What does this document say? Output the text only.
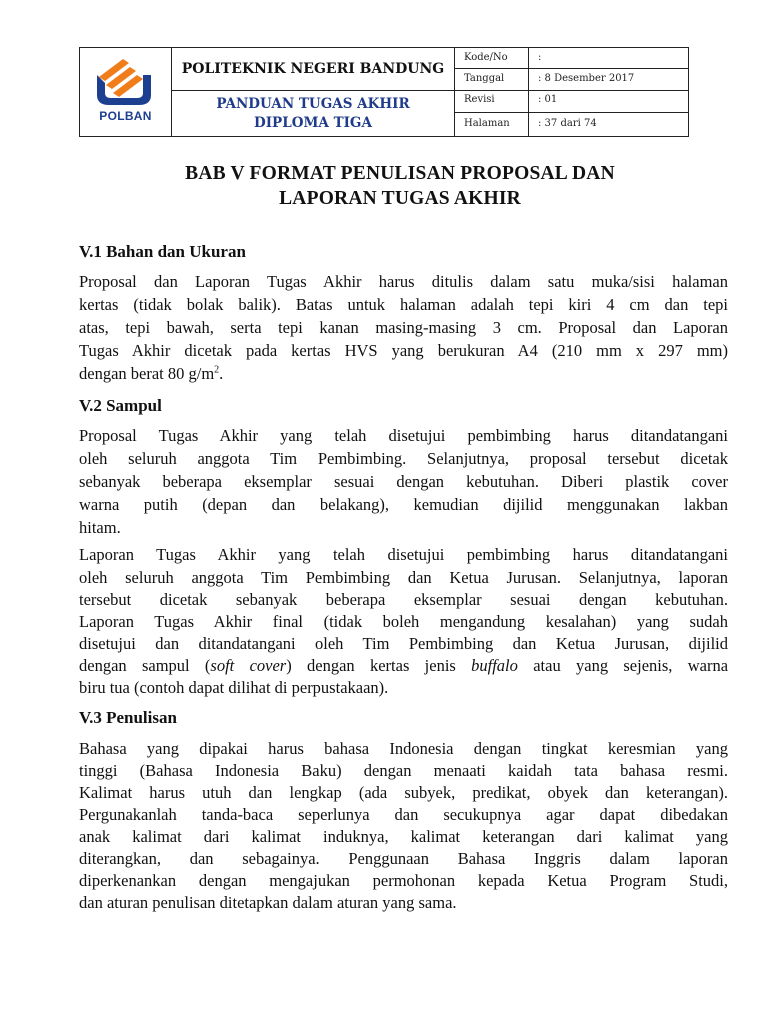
POLBAN
POLITEKNIK NEGERI BANDUNG
PANDUAN TUGAS AKHIR
DIPLOMA TIGA
Kode/No	:
Tanggal	: 8 Desember 2017
Revisi	: 01
Halaman	: 37 dari 74
BAB V FORMAT PENULISAN PROPOSAL DAN
LAPORAN TUGAS AKHIR
V.1 Bahan dan Ukuran
Proposal dan Laporan Tugas Akhir harus ditulis dalam satu muka/sisi halaman
kertas (tidak bolak balik). Batas untuk halaman adalah tepi kiri 4 cm dan tepi
atas, tepi bawah, serta tepi kanan masing-masing 3 cm. Proposal dan Laporan
Tugas Akhir dicetak pada kertas HVS yang berukuran A4 (210 mm x 297 mm)
dengan berat 80 $g/m^2$.
V.2 Sampul
Proposal Tugas Akhir yang telah disetujui pembimbing harus ditandatangani
oleh seluruh anggota Tim Pembimbing. Selanjutnya, proposal tersebut dicetak
sebanyak beberapa eksemplar sesuai dengan kebutuhan. Diberi plastik cover
warna putih (depan dan belakang), kemudian dijilid menggunakan lakban
hitam.
Laporan Tugas Akhir yang telah disetujui pembimbing harus ditandatangani
oleh seluruh anggota Tim Pembimbing dan Ketua Jurusan. Selanjutnya, laporan
tersebut dicetak sebanyak beberapa eksemplar sesuai dengan kebutuhan.
Laporan Tugas Akhir final (tidak boleh mengandung kesalahan) yang sudah
disetujui dan ditandatangani oleh Tim Pembimbing dan Ketua Jurusan, dijilid
dengan sampul (soft cover) dengan kertas jenis buffalo atau yang sejenis, warna
biru tua (contoh dapat dilihat di perpustakaan).
V.3 Penulisan
Bahasa yang dipakai harus bahasa Indonesia dengan tingkat keresmian yang
tinggi (Bahasa Indonesia Baku) dengan menaati kaidah tata bahasa resmi.
Kalimat harus utuh dan lengkap (ada subyek, predikat, obyek dan keterangan).
Pergunakanlah tanda-baca seperlunya dan secukupnya agar dapat dibedakan
anak kalimat dari kalimat induknya, kalimat keterangan dari kalimat yang
diterangkan, dan sebagainya. Penggunaan Bahasa Inggris dalam laporan
diperkenankan dengan mengajukan permohonan kepada Ketua Program Studi,
dan aturan penulisan ditetapkan dalam aturan yang sama.
